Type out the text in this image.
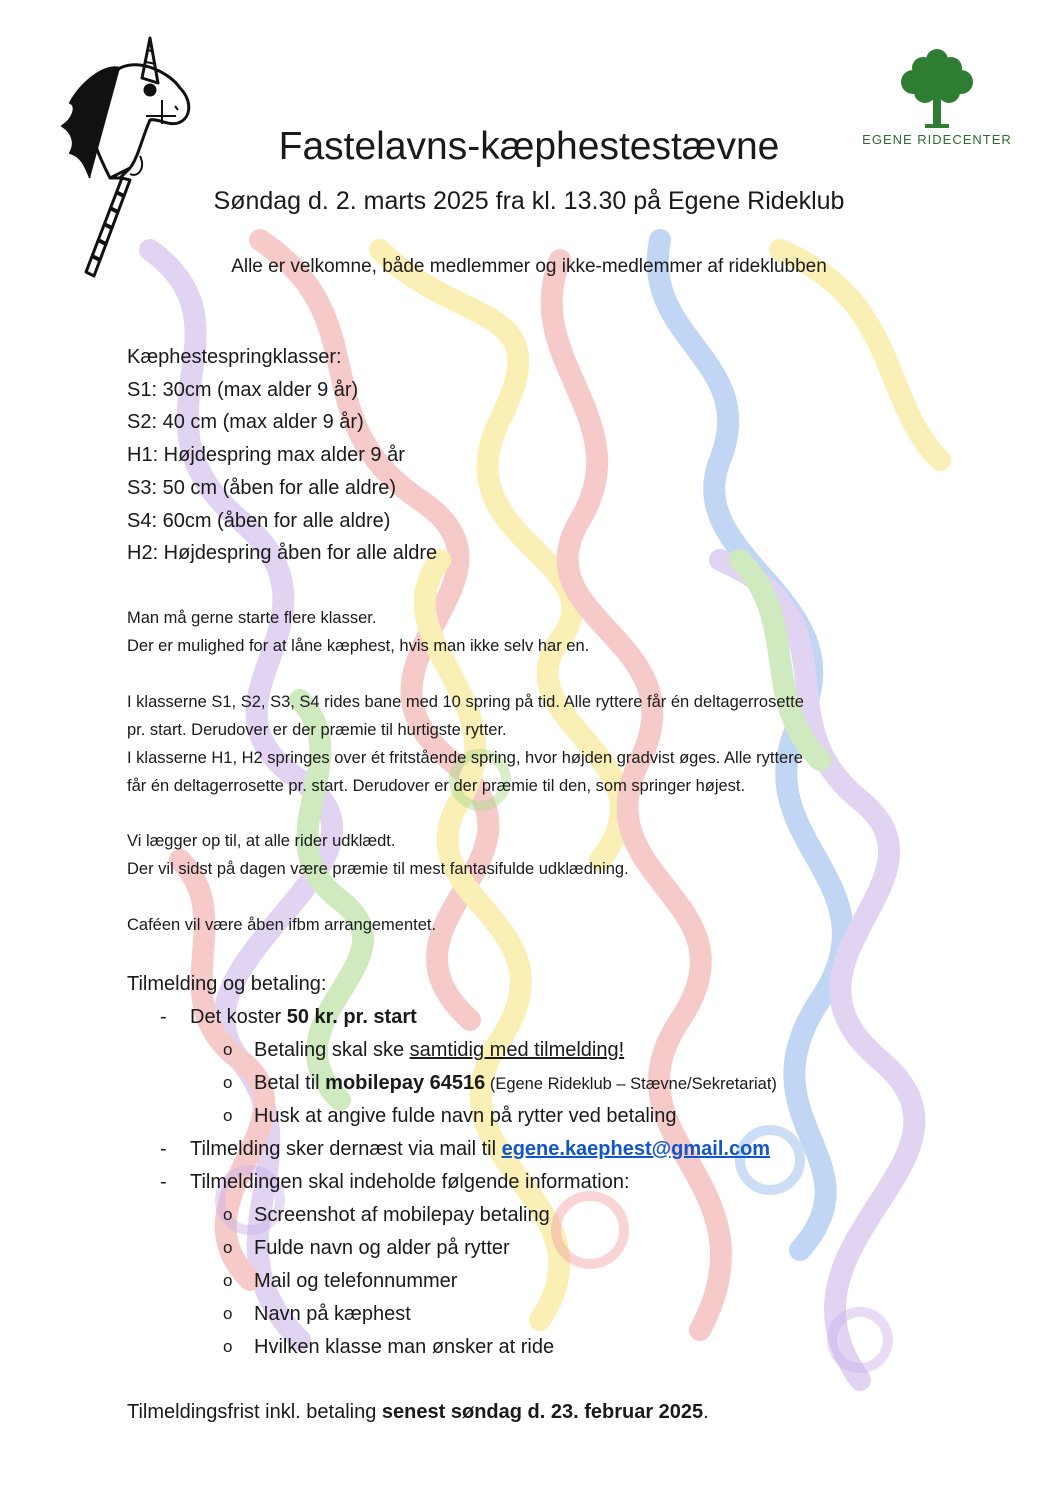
EGENE RIDECENTER
Fastelavns-kæphestestævne
Søndag d. 2. marts 2025 fra kl. 13.30 på Egene Rideklub
Alle er velkomne, både medlemmer og ikke-medlemmer af rideklubben
Kæphestespringklasser:
S1: 30cm (max alder 9 år)
S2: 40 cm (max alder 9 år)
H1: Højdespring max alder 9 år
S3: 50 cm (åben for alle aldre)
S4: 60cm (åben for alle aldre)
H2: Højdespring åben for alle aldre
Man må gerne starte flere klasser.
Der er mulighed for at låne kæphest, hvis man ikke selv har en.
I klasserne S1, S2, S3, S4 rides bane med 10 spring på tid. Alle ryttere får én deltagerrosette
pr. start. Derudover er der præmie til hurtigste rytter.
I klasserne H1, H2 springes over ét fritstående spring, hvor højden gradvist øges. Alle ryttere
får én deltagerrosette pr. start. Derudover er der præmie til den, som springer højest.
Vi lægger op til, at alle rider udklædt.
Der vil sidst på dagen være præmie til mest fantasifulde udklædning.
Caféen vil være åben ifbm arrangementet.
Tilmelding og betaling:
- Det koster 50 kr. pr. start
o Betaling skal ske samtidig med tilmelding!
o Betal til mobilepay 64516 (Egene Rideklub – Stævne/Sekretariat)
o Husk at angive fulde navn på rytter ved betaling
- Tilmelding sker dernæst via mail til egene.kaephest@gmail.com
- Tilmeldingen skal indeholde følgende information:
o Screenshot af mobilepay betaling
o Fulde navn og alder på rytter
o Mail og telefonnummer
o Navn på kæphest
o Hvilken klasse man ønsker at ride
Tilmeldingsfrist inkl. betaling senest søndag d. 23. februar 2025.
